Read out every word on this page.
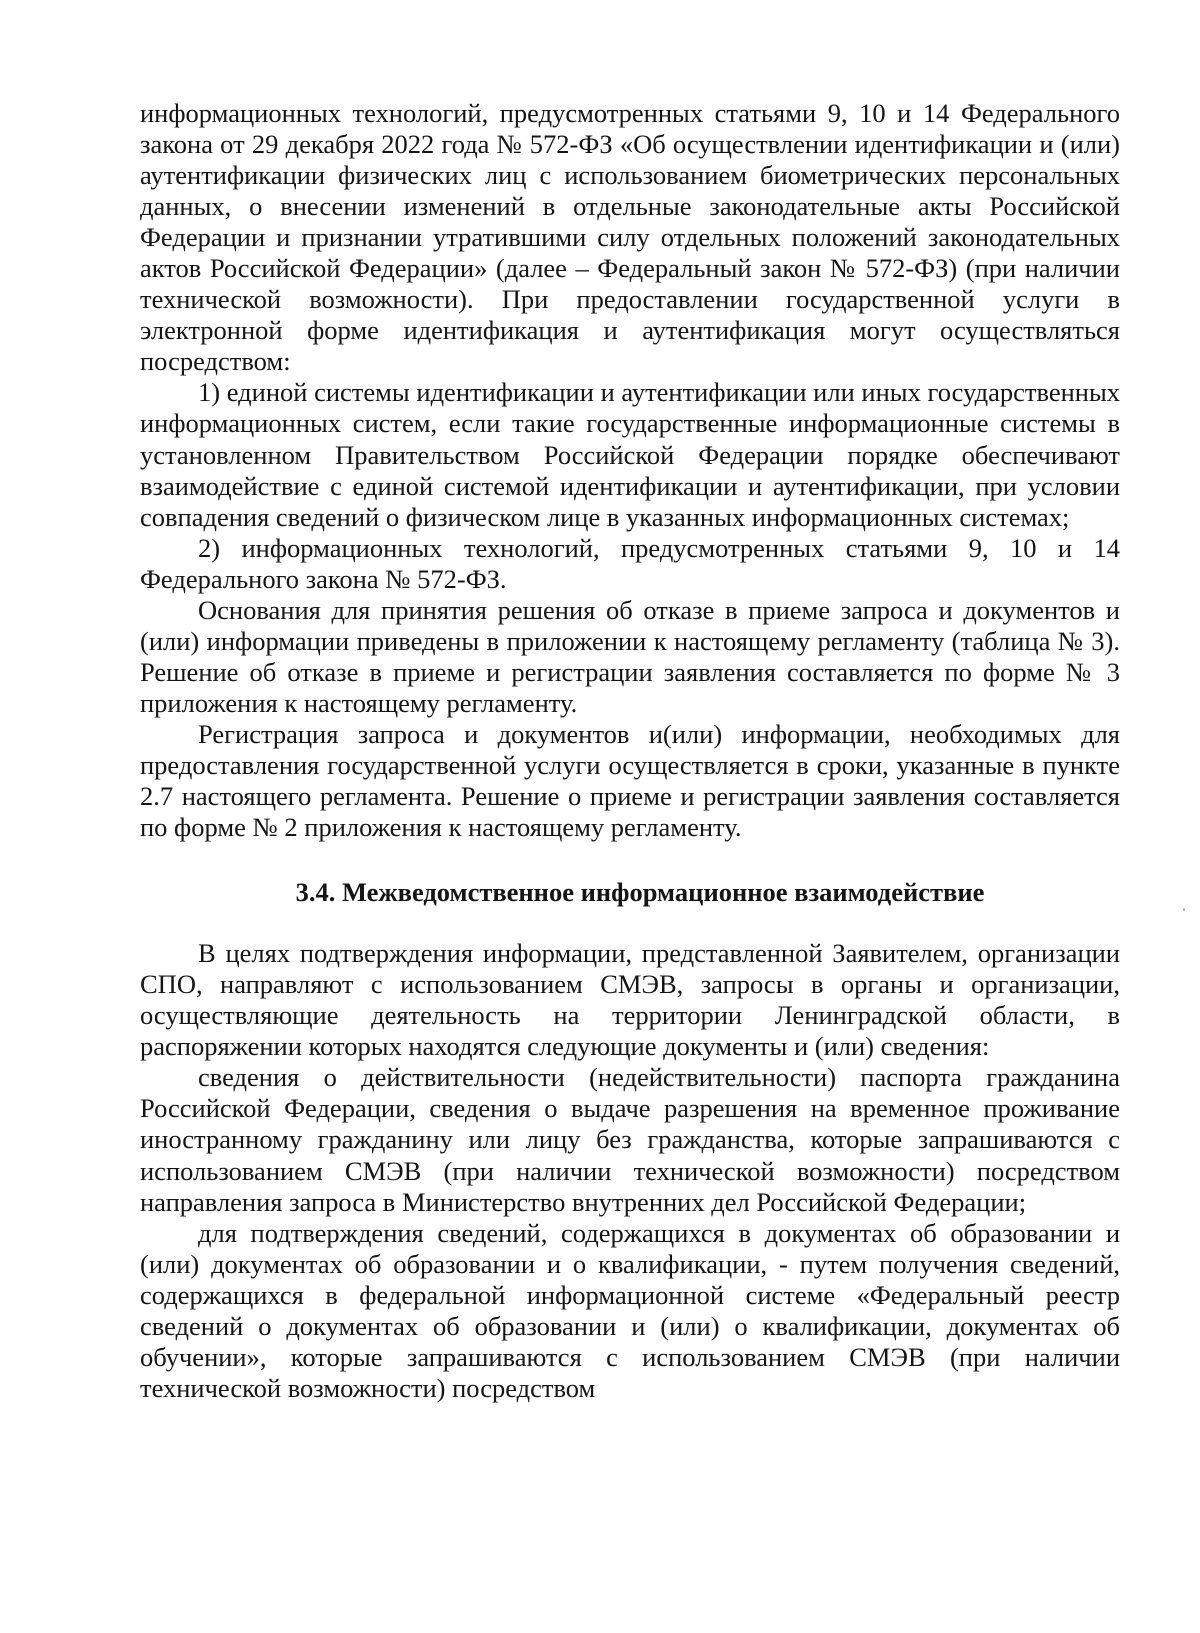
информационных технологий, предусмотренных статьями 9, 10 и 14 Федерального закона от 29 декабря 2022 года № 572-ФЗ «Об осуществлении идентификации и (или) аутентификации физических лиц с использованием биометрических персональных данных, о внесении изменений в отдельные законодательные акты Российской Федерации и признании утратившими силу отдельных положений законодательных актов Российской Федерации» (далее – Федеральный закон № 572-ФЗ) (при наличии технической возможности). При предоставлении государственной услуги в электронной форме идентификация и аутентификация могут осуществляться посредством:

1) единой системы идентификации и аутентификации или иных государственных информационных систем, если такие государственные информационные системы в установленном Правительством Российской Федерации порядке обеспечивают взаимодействие с единой системой идентификации и аутентификации, при условии совпадения сведений о физическом лице в указанных информационных системах;

2) информационных технологий, предусмотренных статьями 9, 10 и 14 Федерального закона № 572-ФЗ.

Основания для принятия решения об отказе в приеме запроса и документов и (или) информации приведены в приложении к настоящему регламенту (таблица № 3). Решение об отказе в приеме и регистрации заявления составляется по форме № 3 приложения к настоящему регламенту.

Регистрация запроса и документов и(или) информации, необходимых для предоставления государственной услуги осуществляется в сроки, указанные в пункте 2.7 настоящего регламента. Решение о приеме и регистрации заявления составляется по форме № 2 приложения к настоящему регламенту.

3.4. Межведомственное информационное взаимодействие

В целях подтверждения информации, представленной Заявителем, организации СПО, направляют с использованием СМЭВ, запросы в органы и организации, осуществляющие деятельность на территории Ленинградской области, в распоряжении которых находятся следующие документы и (или) сведения:

сведения о действительности (недействительности) паспорта гражданина Российской Федерации, сведения о выдаче разрешения на временное проживание иностранному гражданину или лицу без гражданства, которые запрашиваются с использованием СМЭВ (при наличии технической возможности) посредством направления запроса в Министерство внутренних дел Российской Федерации;

для подтверждения сведений, содержащихся в документах об образовании и (или) документах об образовании и о квалификации, - путем получения сведений, содержащихся в федеральной информационной системе «Федеральный реестр сведений о документах об образовании и (или) о квалификации, документах об обучении», которые запрашиваются с использованием СМЭВ (при наличии технической возможности) посредством
